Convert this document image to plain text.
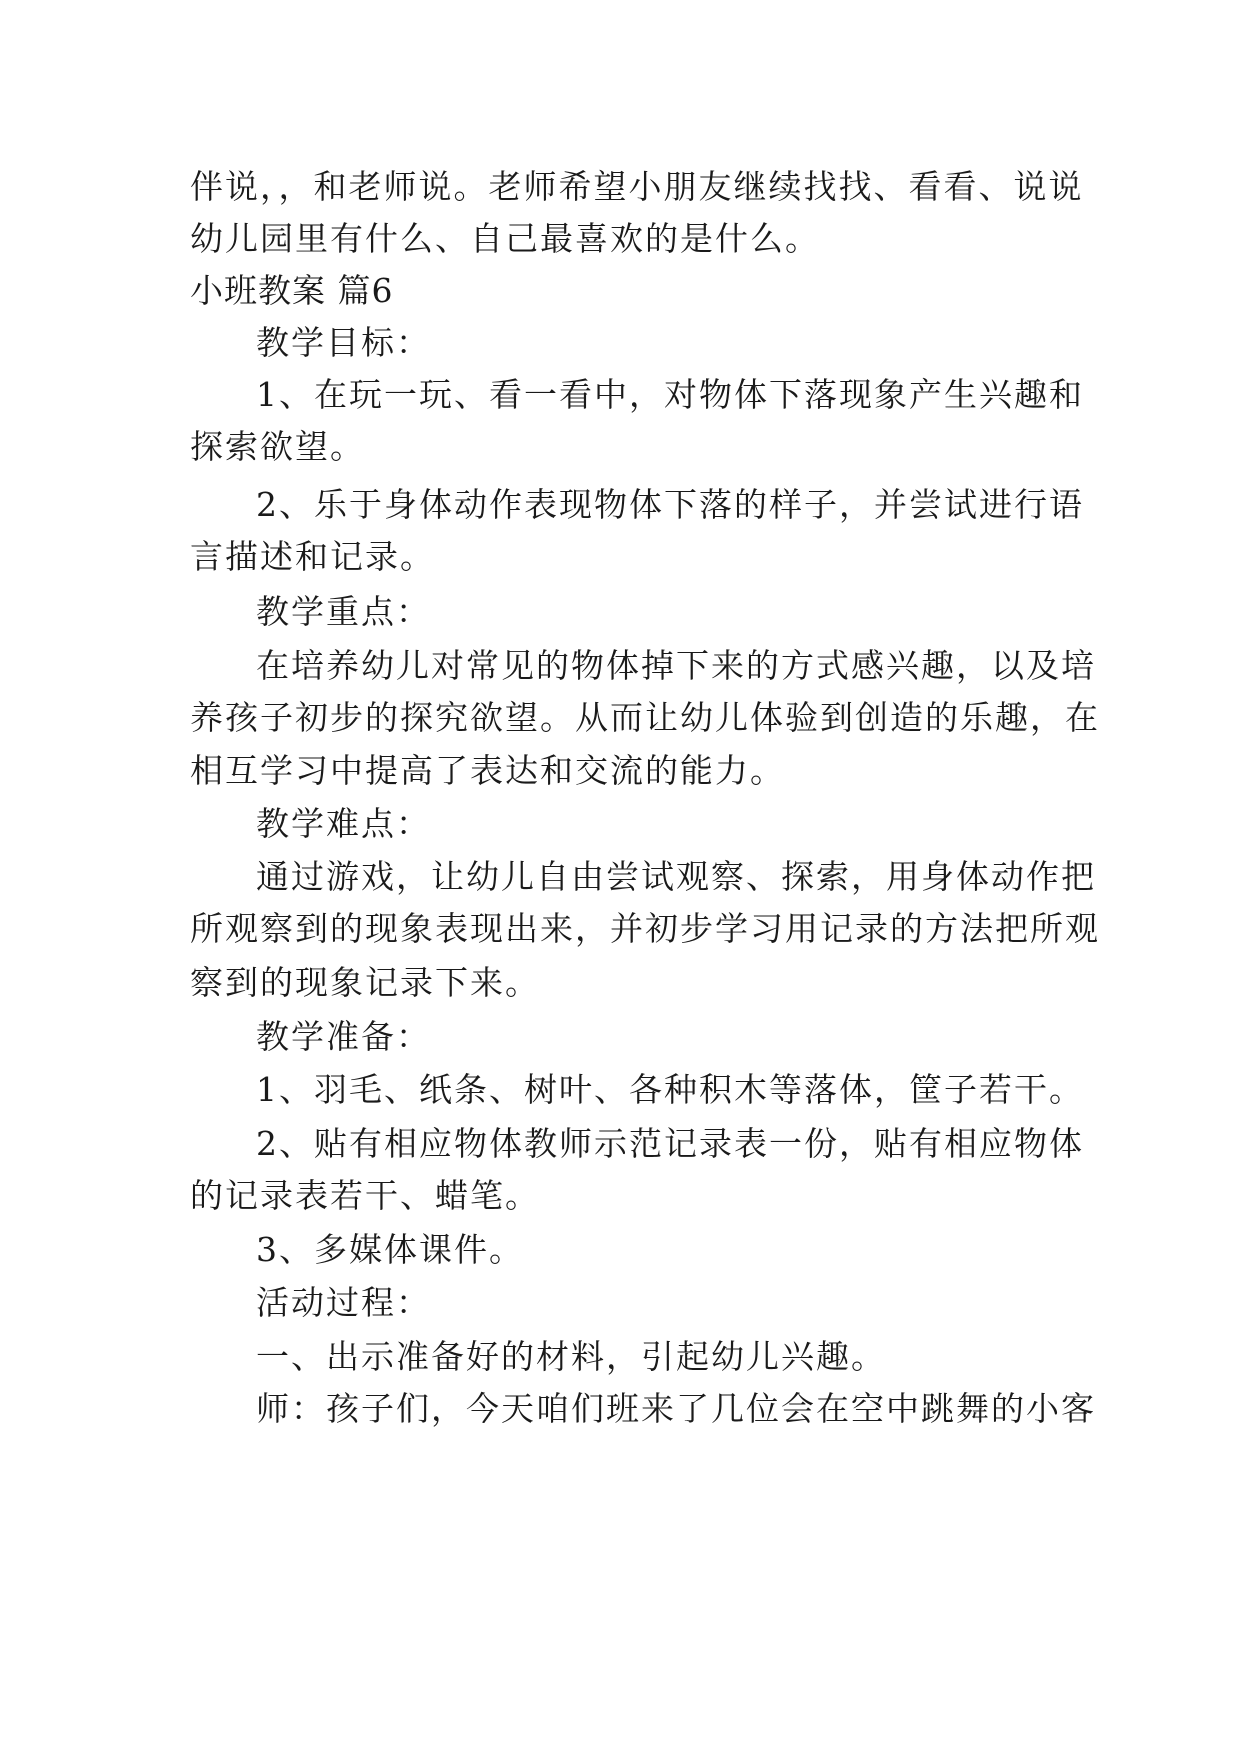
伴说，，和老师说。老师希望小朋友继续找找、看看、说说
幼儿园里有什么、自己最喜欢的是什么。
小班教案 篇6
教学目标：
1、在玩一玩、看一看中，对物体下落现象产生兴趣和
探索欲望。
2、乐于身体动作表现物体下落的样子，并尝试进行语
言描述和记录。
教学重点：
在培养幼儿对常见的物体掉下来的方式感兴趣，以及培
养孩子初步的探究欲望。从而让幼儿体验到创造的乐趣，在
相互学习中提高了表达和交流的能力。
教学难点：
通过游戏，让幼儿自由尝试观察、探索，用身体动作把
所观察到的现象表现出来，并初步学习用记录的方法把所观
察到的现象记录下来。
教学准备：
1、羽毛、纸条、树叶、各种积木等落体，筐子若干。
2、贴有相应物体教师示范记录表一份，贴有相应物体
的记录表若干、蜡笔。
3、多媒体课件。
活动过程：
一、出示准备好的材料，引起幼儿兴趣。
师：孩子们，今天咱们班来了几位会在空中跳舞的小客
